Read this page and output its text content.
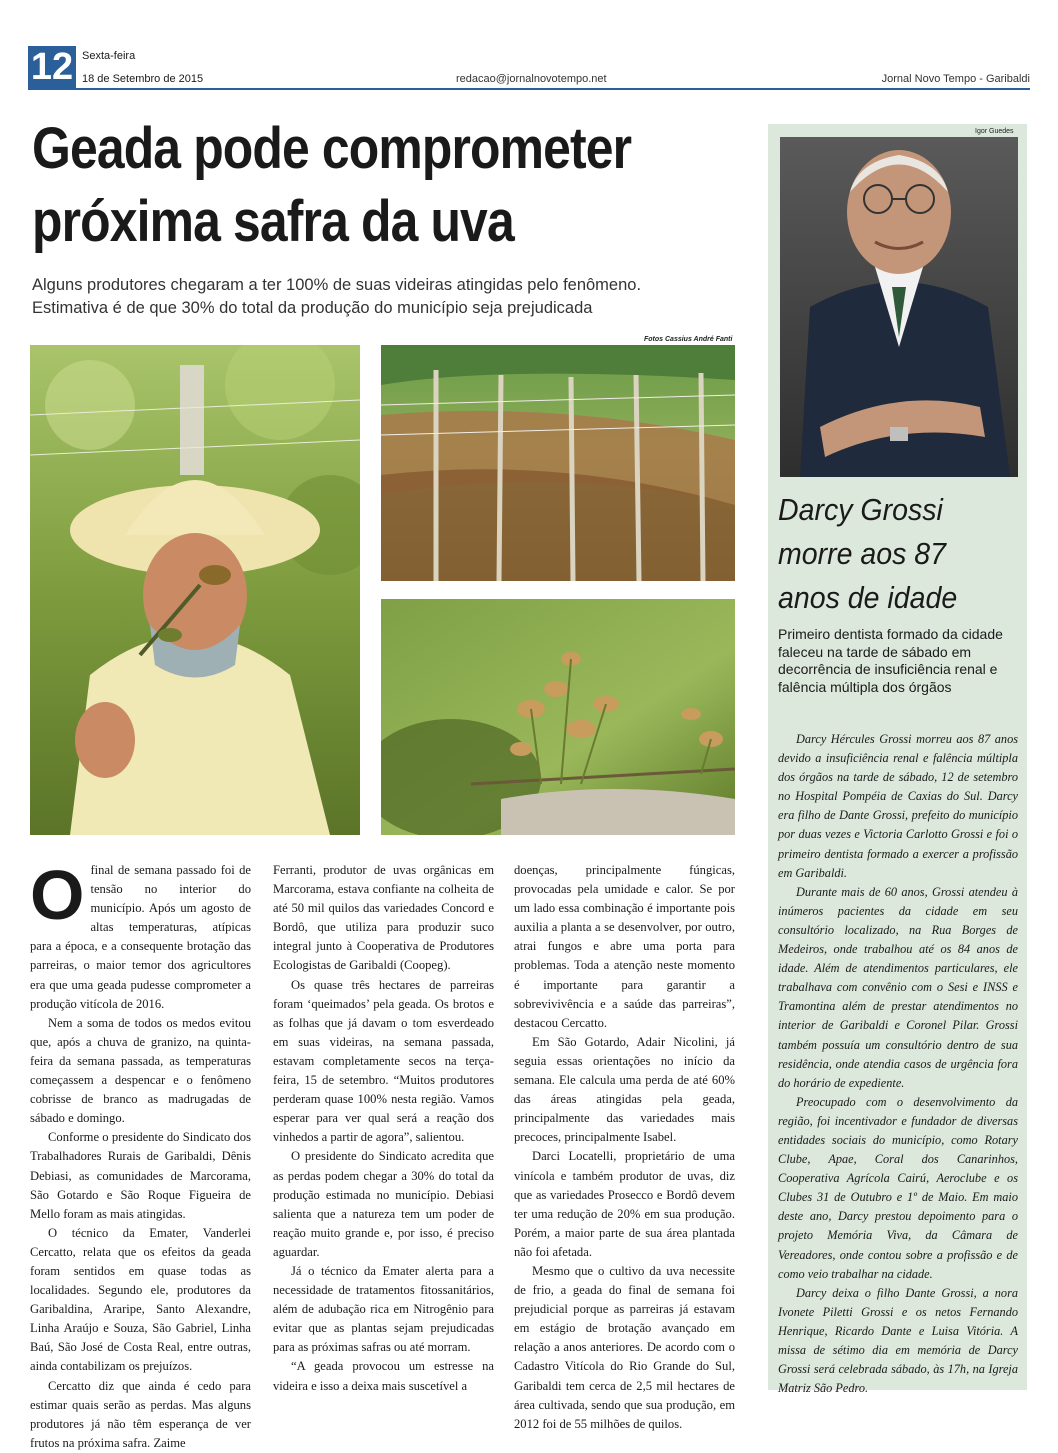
12 Sexta-feira
18 de Setembro de 2015	redacao@jornalnovotempo.net	Jornal Novo Tempo - Garibaldi
Geada pode comprometer
próxima safra da uva
Alguns produtores chegaram a ter 100% de suas videiras atingidas pelo fenômeno.
Estimativa é de que 30% do total da produção do município seja prejudicada
Fotos Cassius André Fanti
O final de semana passado foi de tensão no interior do município. Após um agosto de altas temperaturas, atípicas para a época, e a consequente brotação das parreiras, o maior temor dos agricultores era que uma geada pudesse comprometer a produção vitícola de 2016.

Nem a soma de todos os medos evitou que, após a chuva de granizo, na quinta-feira da semana passada, as temperaturas começassem a despencar e o fenômeno cobrisse de branco as madrugadas de sábado e domingo.

Conforme o presidente do Sindicato dos Trabalhadores Rurais de Garibaldi, Dênis Debiasi, as comunidades de Marcorama, São Gotardo e São Roque Figueira de Mello foram as mais atingidas.

O técnico da Emater, Vanderlei Cercatto, relata que os efeitos da geada foram sentidos em quase todas as localidades. Segundo ele, produtores da Garibaldina, Araripe, Santo Alexandre, Linha Araújo e Souza, São Gabriel, Linha Baú, São José de Costa Real, entre outras, ainda contabilizam os prejuízos.

Cercatto diz que ainda é cedo para estimar quais serão as perdas. Mas alguns produtores já não têm esperança de ver frutos na próxima safra. Zaime

Ferranti, produtor de uvas orgânicas em Marcorama, estava confiante na colheita de até 50 mil quilos das variedades Concord e Bordô, que utiliza para produzir suco integral junto à Cooperativa de Produtores Ecologistas de Garibaldi (Coopeg).

Os quase três hectares de parreiras foram ‘queimados’ pela geada. Os brotos e as folhas que já davam o tom esverdeado em suas videiras, na semana passada, estavam completamente secos na terça-feira, 15 de setembro. “Muitos produtores perderam quase 100% nesta região. Vamos esperar para ver qual será a reação dos vinhedos a partir de agora”, salientou.

O presidente do Sindicato acredita que as perdas podem chegar a 30% do total da produção estimada no município. Debiasi salienta que a natureza tem um poder de reação muito grande e, por isso, é preciso aguardar.

Já o técnico da Emater alerta para a necessidade de tratamentos fitossanitários, além de adubação rica em Nitrogênio para evitar que as plantas sejam prejudicadas para as próximas safras ou até morram.

“A geada provocou um estresse na videira e isso a deixa mais suscetível a

doenças, principalmente fúngicas, provocadas pela umidade e calor. Se por um lado essa combinação é importante pois auxilia a planta a se desenvolver, por outro, atrai fungos e abre uma porta para problemas. Toda a atenção neste momento é importante para garantir a sobrevivivência e a saúde das parreiras”, destacou Cercatto.

Em São Gotardo, Adair Nicolini, já seguia essas orientações no início da semana. Ele calcula uma perda de até 60% das áreas atingidas pela geada, principalmente das variedades mais precoces, principalmente Isabel.

Darci Locatelli, proprietário de uma vinícola e também produtor de uvas, diz que as variedades Prosecco e Bordô devem ter uma redução de 20% em sua produção. Porém, a maior parte de sua área plantada não foi afetada.

Mesmo que o cultivo da uva necessite de frio, a geada do final de semana foi prejudicial porque as parreiras já estavam em estágio de brotação avançado em relação a anos anteriores. De acordo com o Cadastro Vitícola do Rio Grande do Sul, Garibaldi tem cerca de 2,5 mil hectares de área cultivada, sendo que sua produção, em 2012 foi de 55 milhões de quilos.

Igor Guedes
Darcy Grossi
morre aos 87
anos de idade
Primeiro dentista formado da cidade faleceu na tarde de sábado em decorrência de insuficiência renal e falência múltipla dos órgãos

Darcy Hércules Grossi morreu aos 87 anos devido a insuficiência renal e falência múltipla dos órgãos na tarde de sábado, 12 de setembro no Hospital Pompéia de Caxias do Sul. Darcy era filho de Dante Grossi, prefeito do município por duas vezes e Victoria Carlotto Grossi e foi o primeiro dentista formado a exercer a profissão em Garibaldi.

Durante mais de 60 anos, Grossi atendeu à inúmeros pacientes da cidade em seu consultório localizado, na Rua Borges de Medeiros, onde trabalhou até os 84 anos de idade. Além de atendimentos particulares, ele trabalhava com convênio com o Sesi e INSS e Tramontina além de prestar atendimentos no interior de Garibaldi e Coronel Pilar. Grossi também possuía um consultório dentro de sua residência, onde atendia casos de urgência fora do horário de expediente.

Preocupado com o desenvolvimento da região, foi incentivador e fundador de diversas entidades sociais do município, como Rotary Clube, Apae, Coral dos Canarinhos, Cooperativa Agrícola Cairú, Aeroclube e os Clubes 31 de Outubro e 1º de Maio. Em maio deste ano, Darcy prestou depoimento para o projeto Memória Viva, da Câmara de Vereadores, onde contou sobre a profissão e de como veio trabalhar na cidade.

Darcy deixa o filho Dante Grossi, a nora Ivonete Piletti Grossi e os netos Fernando Henrique, Ricardo Dante e Luisa Vitória. A missa de sétimo dia em memória de Darcy Grossi será celebrada sábado, às 17h, na Igreja Matriz São Pedro.
